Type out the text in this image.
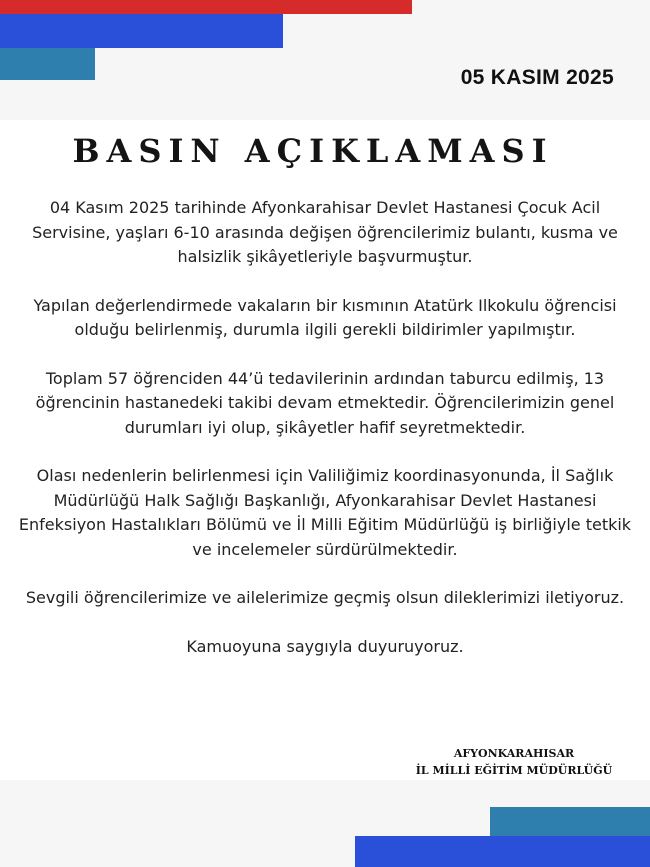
05 KASIM 2025
BASIN AÇIKLAMASI

04 Kasım 2025 tarihinde Afyonkarahisar Devlet Hastanesi Çocuk Acil Servisine, yaşları 6-10 arasında değişen öğrencilerimiz bulantı, kusma ve halsizlik şikâyetleriyle başvurmuştur.

Yapılan değerlendirmede vakaların bir kısmının Atatürk Ilkokulu öğrencisi olduğu belirlenmiş, durumla ilgili gerekli bildirimler yapılmıştır.

Toplam 57 öğrenciden 44’ü tedavilerinin ardından taburcu edilmiş, 13 öğrencinin hastanedeki takibi devam etmektedir. Öğrencilerimizin genel durumları iyi olup, şikâyetler hafif seyretmektedir.

Olası nedenlerin belirlenmesi için Valiliğimiz koordinasyonunda, İl Sağlık Müdürlüğü Halk Sağlığı Başkanlığı, Afyonkarahisar Devlet Hastanesi Enfeksiyon Hastalıkları Bölümü ve İl Milli Eğitim Müdürlüğü iş birliğiyle tetkik ve incelemeler sürdürülmektedir.

Sevgili öğrencilerimize ve ailelerimize geçmiş olsun dileklerimizi iletiyoruz.

Kamuoyuna saygıyla duyuruyoruz.

AFYONKARAHISAR
İL MİLLİ EĞİTİM MÜDÜRLÜĞÜ
